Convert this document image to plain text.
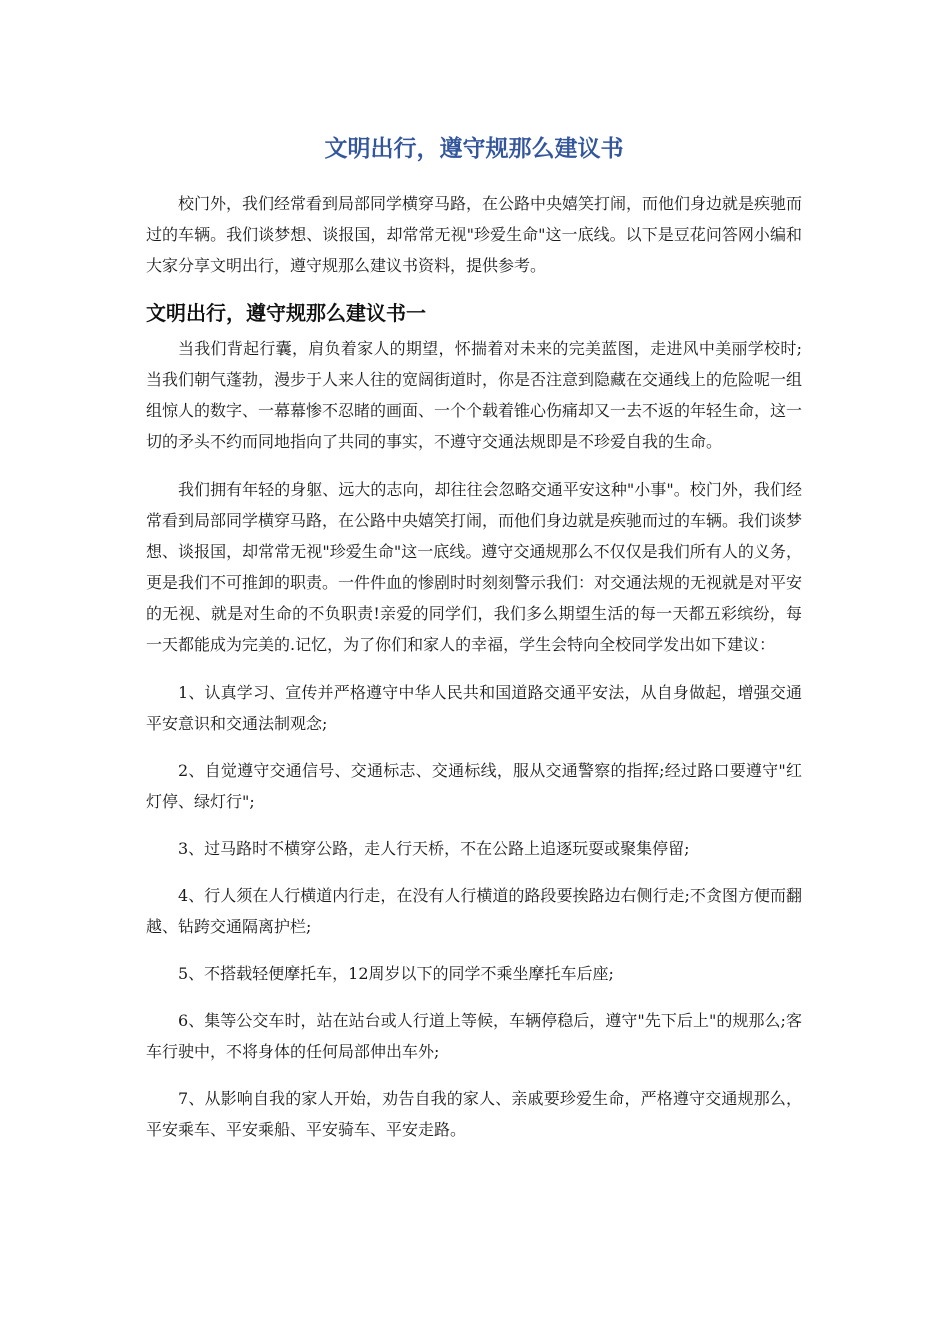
文明出行，遵守规那么建议书

校门外，我们经常看到局部同学横穿马路，在公路中央嬉笑打闹，而他们身边就是疾驰而过的车辆。我们谈梦想、谈报国，却常常无视"珍爱生命"这一底线。以下是豆花问答网小编和大家分享文明出行，遵守规那么建议书资料，提供参考。

文明出行，遵守规那么建议书一

当我们背起行囊，肩负着家人的期望，怀揣着对未来的完美蓝图，走进风中美丽学校时;当我们朝气蓬勃，漫步于人来人往的宽阔街道时，你是否注意到隐藏在交通线上的危险呢一组组惊人的数字、一幕幕惨不忍睹的画面、一个个载着锥心伤痛却又一去不返的年轻生命，这一切的矛头不约而同地指向了共同的事实，不遵守交通法规即是不珍爱自我的生命。

我们拥有年轻的身躯、远大的志向，却往往会忽略交通平安这种"小事"。校门外，我们经常看到局部同学横穿马路，在公路中央嬉笑打闹，而他们身边就是疾驰而过的车辆。我们谈梦想、谈报国，却常常无视"珍爱生命"这一底线。遵守交通规那么不仅仅是我们所有人的义务，更是我们不可推卸的职责。一件件血的惨剧时时刻刻警示我们：对交通法规的无视就是对平安的无视、就是对生命的不负职责!亲爱的同学们，我们多么期望生活的每一天都五彩缤纷，每一天都能成为完美的.记忆，为了你们和家人的幸福，学生会特向全校同学发出如下建议：

1、认真学习、宣传并严格遵守中华人民共和国道路交通平安法，从自身做起，增强交通平安意识和交通法制观念;

2、自觉遵守交通信号、交通标志、交通标线，服从交通警察的指挥;经过路口要遵守"红灯停、绿灯行";

3、过马路时不横穿公路，走人行天桥，不在公路上追逐玩耍或聚集停留;

4、行人须在人行横道内行走，在没有人行横道的路段要挨路边右侧行走;不贪图方便而翻越、钻跨交通隔离护栏;

5、不搭载轻便摩托车，12周岁以下的同学不乘坐摩托车后座;

6、集等公交车时，站在站台或人行道上等候，车辆停稳后，遵守"先下后上"的规那么;客车行驶中，不将身体的任何局部伸出车外;

7、从影响自我的家人开始，劝告自我的家人、亲戚要珍爱生命，严格遵守交通规那么，平安乘车、平安乘船、平安骑车、平安走路。
